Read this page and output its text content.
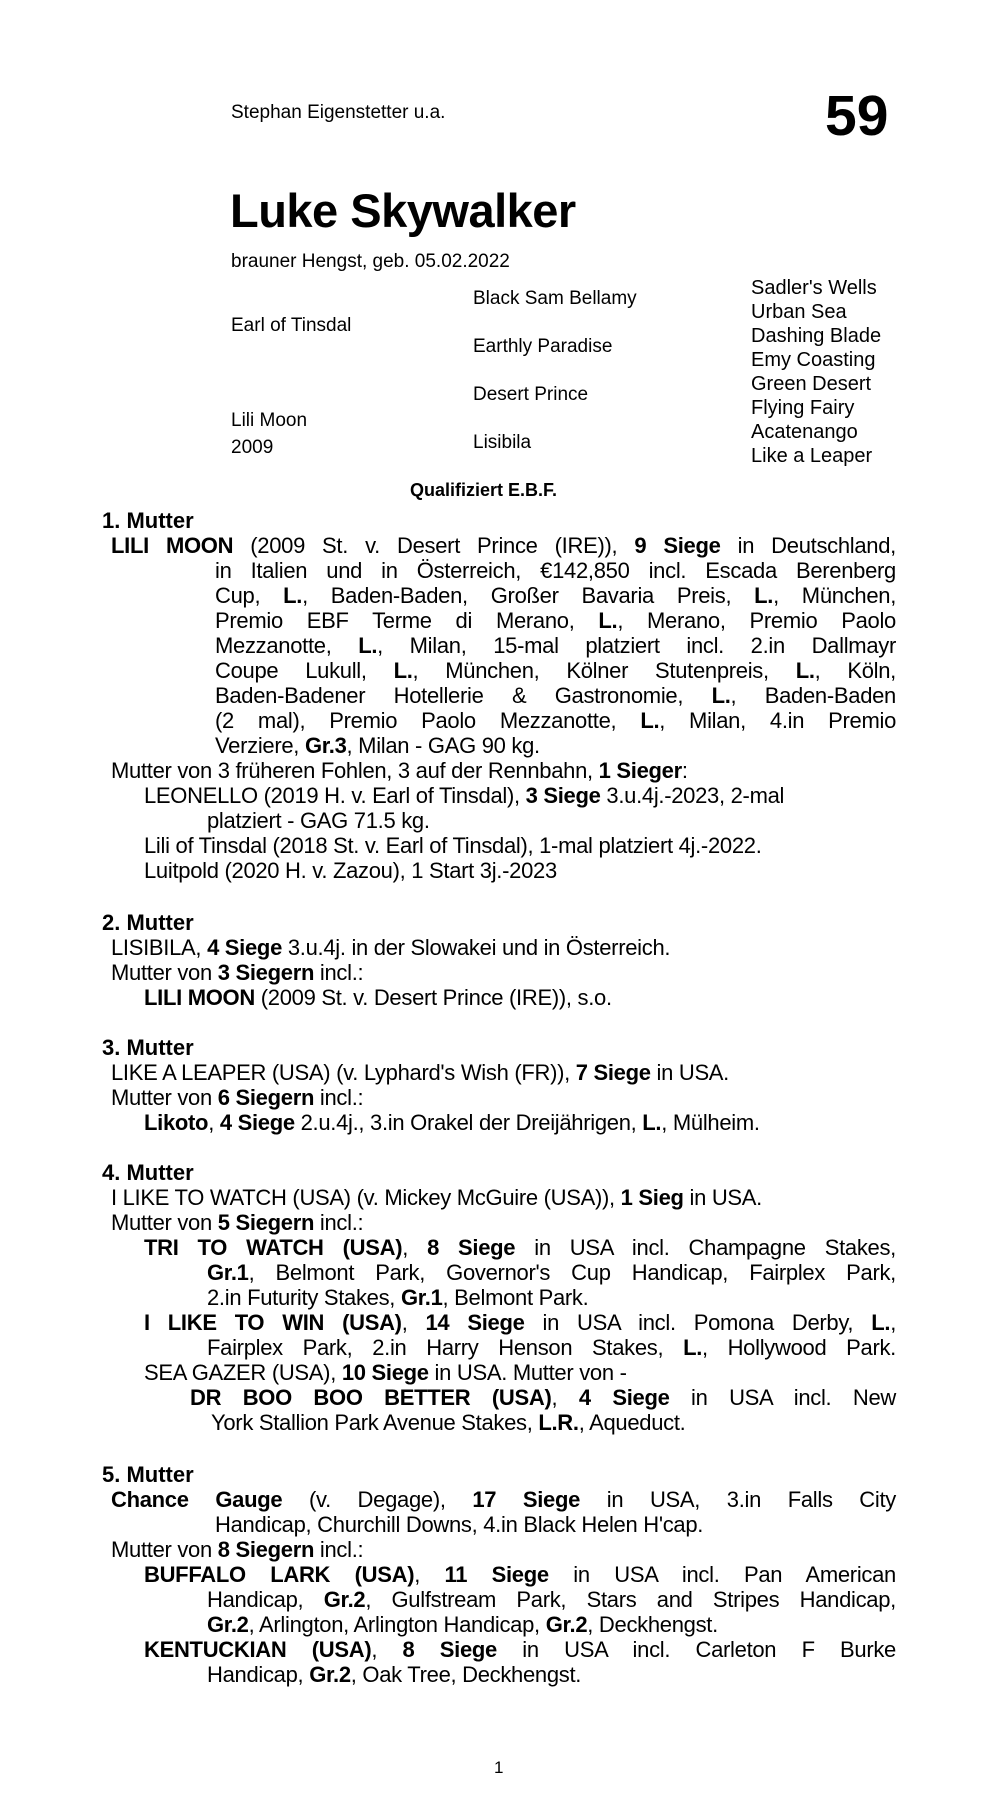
Stephan Eigenstetter u.a.	59
Luke Skywalker
brauner Hengst, geb. 05.02.2022
Earl of Tinsdal
Lili Moon
2009
Black Sam Bellamy
Earthly Paradise
Desert Prince
Lisibila
Sadler's Wells
Urban Sea
Dashing Blade
Emy Coasting
Green Desert
Flying Fairy
Acatenango
Like a Leaper
Qualifiziert E.B.F.
1. Mutter
LILI MOON (2009 St. v. Desert Prince (IRE)), 9 Siege in Deutschland,
in Italien und in Österreich, €142,850 incl. Escada Berenberg
Cup, L., Baden-Baden, Großer Bavaria Preis, L., München,
Premio EBF Terme di Merano, L., Merano, Premio Paolo
Mezzanotte, L., Milan, 15-mal platziert incl. 2.in Dallmayr
Coupe Lukull, L., München, Kölner Stutenpreis, L., Köln,
Baden-Badener Hotellerie & Gastronomie, L., Baden-Baden
(2 mal), Premio Paolo Mezzanotte, L., Milan, 4.in Premio
Verziere, Gr.3, Milan - GAG 90 kg.
Mutter von 3 früheren Fohlen, 3 auf der Rennbahn, 1 Sieger:
LEONELLO (2019 H. v. Earl of Tinsdal), 3 Siege 3.u.4j.-2023, 2-mal
platziert - GAG 71.5 kg.
Lili of Tinsdal (2018 St. v. Earl of Tinsdal), 1-mal platziert 4j.-2022.
Luitpold (2020 H. v. Zazou), 1 Start 3j.-2023
2. Mutter
LISIBILA, 4 Siege 3.u.4j. in der Slowakei und in Österreich.
Mutter von 3 Siegern incl.:
LILI MOON (2009 St. v. Desert Prince (IRE)), s.o.
3. Mutter
LIKE A LEAPER (USA) (v. Lyphard's Wish (FR)), 7 Siege in USA.
Mutter von 6 Siegern incl.:
Likoto, 4 Siege 2.u.4j., 3.in Orakel der Dreijährigen, L., Mülheim.
4. Mutter
I LIKE TO WATCH (USA) (v. Mickey McGuire (USA)), 1 Sieg in USA.
Mutter von 5 Siegern incl.:
TRI TO WATCH (USA), 8 Siege in USA incl. Champagne Stakes,
Gr.1, Belmont Park, Governor's Cup Handicap, Fairplex Park,
2.in Futurity Stakes, Gr.1, Belmont Park.
I LIKE TO WIN (USA), 14 Siege in USA incl. Pomona Derby, L.,
Fairplex Park, 2.in Harry Henson Stakes, L., Hollywood Park.
SEA GAZER (USA), 10 Siege in USA. Mutter von -
DR BOO BOO BETTER (USA), 4 Siege in USA incl. New
York Stallion Park Avenue Stakes, L.R., Aqueduct.
5. Mutter
Chance Gauge (v. Degage), 17 Siege in USA, 3.in Falls City
Handicap, Churchill Downs, 4.in Black Helen H'cap.
Mutter von 8 Siegern incl.:
BUFFALO LARK (USA), 11 Siege in USA incl. Pan American
Handicap, Gr.2, Gulfstream Park, Stars and Stripes Handicap,
Gr.2, Arlington, Arlington Handicap, Gr.2, Deckhengst.
KENTUCKIAN (USA), 8 Siege in USA incl. Carleton F Burke
Handicap, Gr.2, Oak Tree, Deckhengst.
1
